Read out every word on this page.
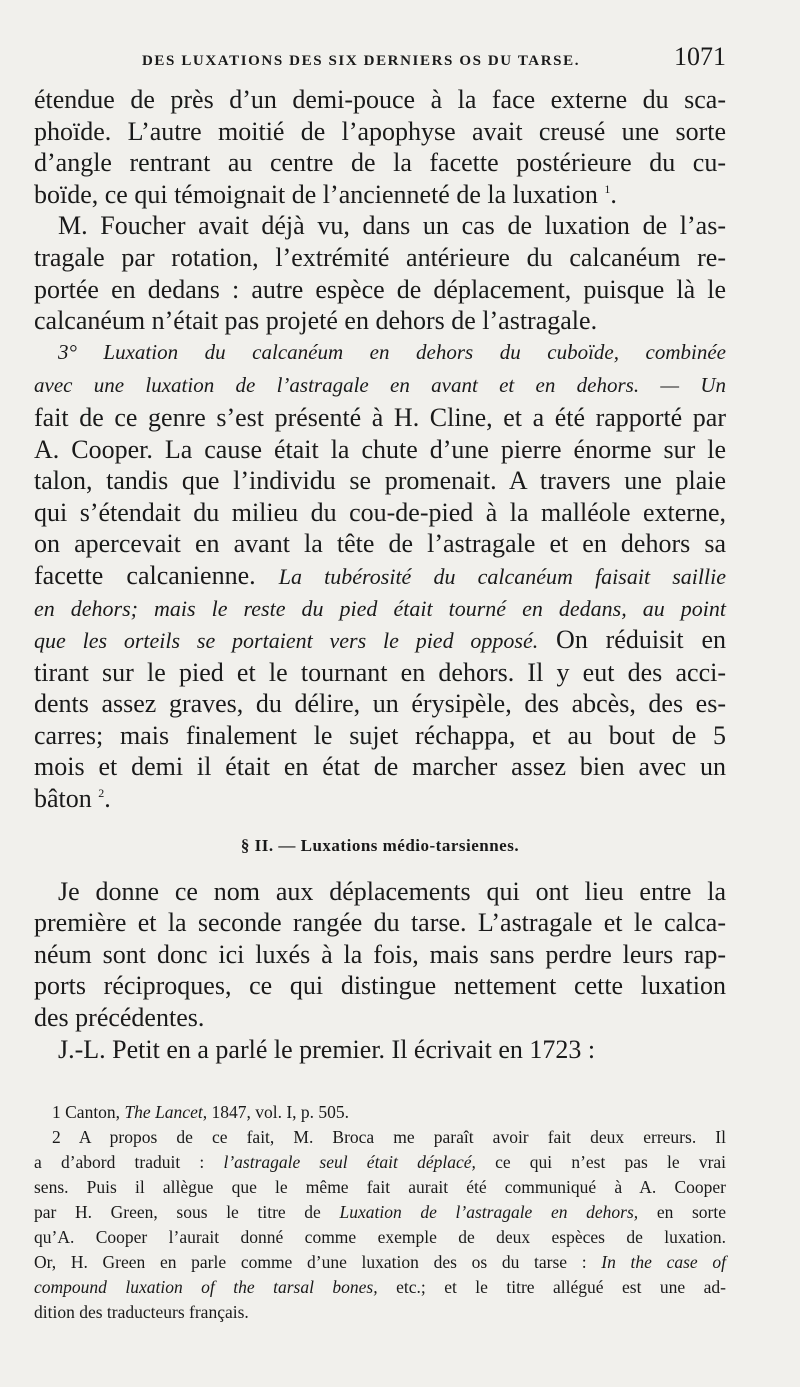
DES LUXATIONS DES SIX DERNIERS OS DU TARSE.	1071

étendue de près d’un demi-pouce à la face externe du sca-

phoïde. L’autre moitié de l’apophyse avait creusé une sorte

d’angle rentrant au centre de la facette postérieure du cu-

boïde, ce qui témoignait de l’ancienneté de la luxation $^1$.

M. Foucher avait déjà vu, dans un cas de luxation de l’as-

tragale par rotation, l’extrémité antérieure du calcanéum re-

portée en dedans : autre espèce de déplacement, puisque là le

calcanéum n’était pas projeté en dehors de l’astragale.

3° Luxation du calcanéum en dehors du cuboïde, combinée

avec une luxation de l’astragale en avant et en dehors. — Un

fait de ce genre s’est présenté à H. Cline, et a été rapporté par

A. Cooper. La cause était la chute d’une pierre énorme sur le

talon, tandis que l’individu se promenait. A travers une plaie

qui s’étendait du milieu du cou-de-pied à la malléole externe,

on apercevait en avant la tête de l’astragale et en dehors sa

facette calcanienne. La tubérosité du calcanéum faisait saillie

en dehors; mais le reste du pied était tourné en dedans, au point

que les orteils se portaient vers le pied opposé. On réduisit en

tirant sur le pied et le tournant en dehors. Il y eut des acci-

dents assez graves, du délire, un érysipèle, des abcès, des es-

carres; mais finalement le sujet réchappa, et au bout de 5

mois et demi il était en état de marcher assez bien avec un

bâton $^2$.

§ II. — Luxations médio-tarsiennes.

Je donne ce nom aux déplacements qui ont lieu entre la

première et la seconde rangée du tarse. L’astragale et le calca-

néum sont donc ici luxés à la fois, mais sans perdre leurs rap-

ports réciproques, ce qui distingue nettement cette luxation

des précédentes.

J.-L. Petit en a parlé le premier. Il écrivait en 1723 :

1 Canton, The Lancet, 1847, vol. I, p. 505.

2 A propos de ce fait, M. Broca me paraît avoir fait deux erreurs. Il

a d’abord traduit : l’astragale seul était déplacé, ce qui n’est pas le vrai

sens. Puis il allègue que le même fait aurait été communiqué à A. Cooper

par H. Green, sous le titre de Luxation de l’astragale en dehors, en sorte

qu’A. Cooper l’aurait donné comme exemple de deux espèces de luxation.

Or, H. Green en parle comme d’une luxation des os du tarse : In the case of

compound luxation of the tarsal bones, etc.; et le titre allégué est une ad-

dition des traducteurs français.
